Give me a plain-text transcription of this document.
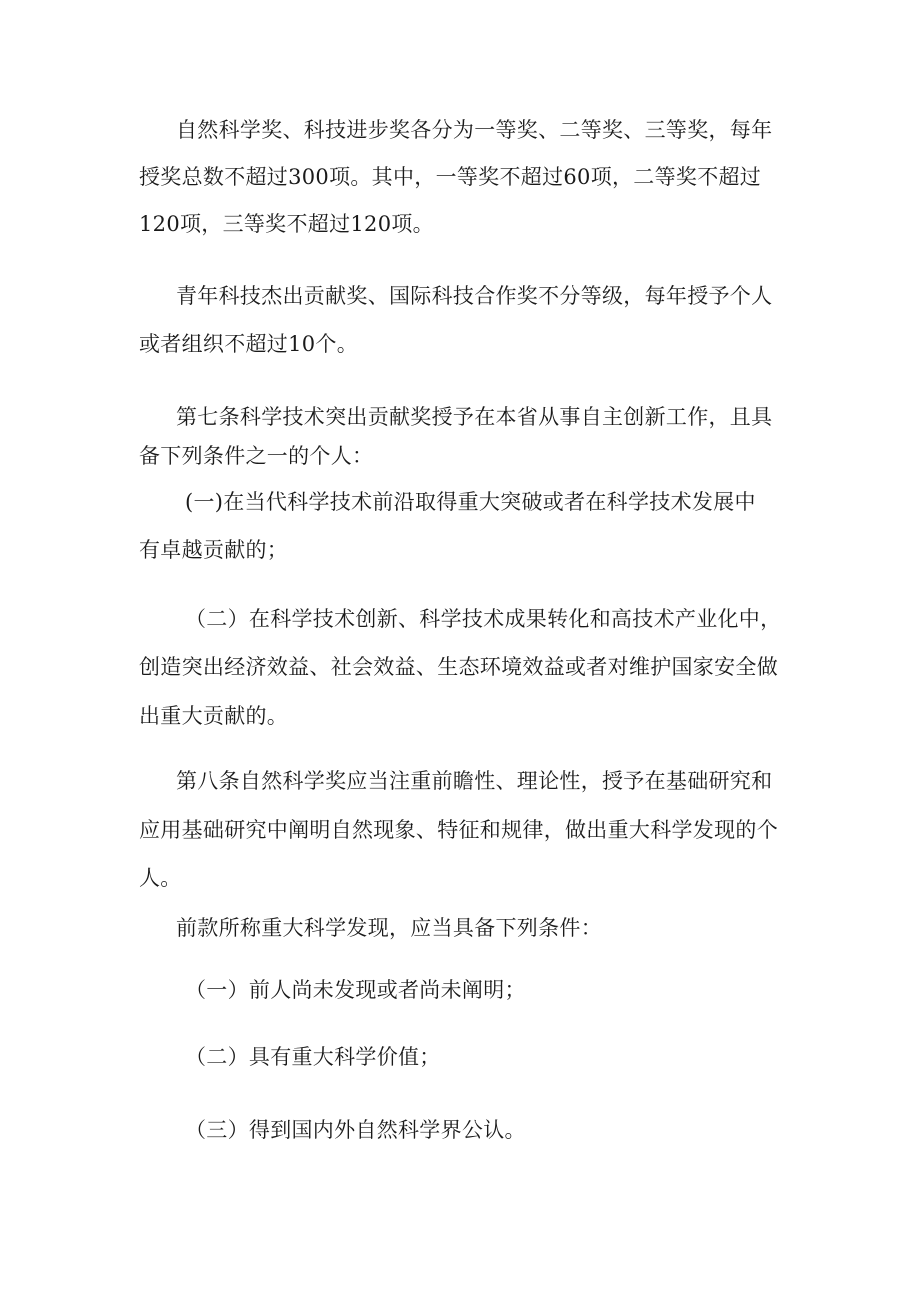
自然科学奖、科技进步奖各分为一等奖、二等奖、三等奖，每年

授奖总数不超过300项。其中，一等奖不超过60项，二等奖不超过

120项，三等奖不超过120项。

青年科技杰出贡献奖、国际科技合作奖不分等级，每年授予个人

或者组织不超过10个。

第七条科学技术突出贡献奖授予在本省从事自主创新工作，且具

备下列条件之一的个人：

(一)在当代科学技术前沿取得重大突破或者在科学技术发展中

有卓越贡献的；

（二）在科学技术创新、科学技术成果转化和高技术产业化中，

创造突出经济效益、社会效益、生态环境效益或者对维护国家安全做

出重大贡献的。

第八条自然科学奖应当注重前瞻性、理论性，授予在基础研究和

应用基础研究中阐明自然现象、特征和规律，做出重大科学发现的个

人。

前款所称重大科学发现，应当具备下列条件：

（一）前人尚未发现或者尚未阐明；

（二）具有重大科学价值；

（三）得到国内外自然科学界公认。
